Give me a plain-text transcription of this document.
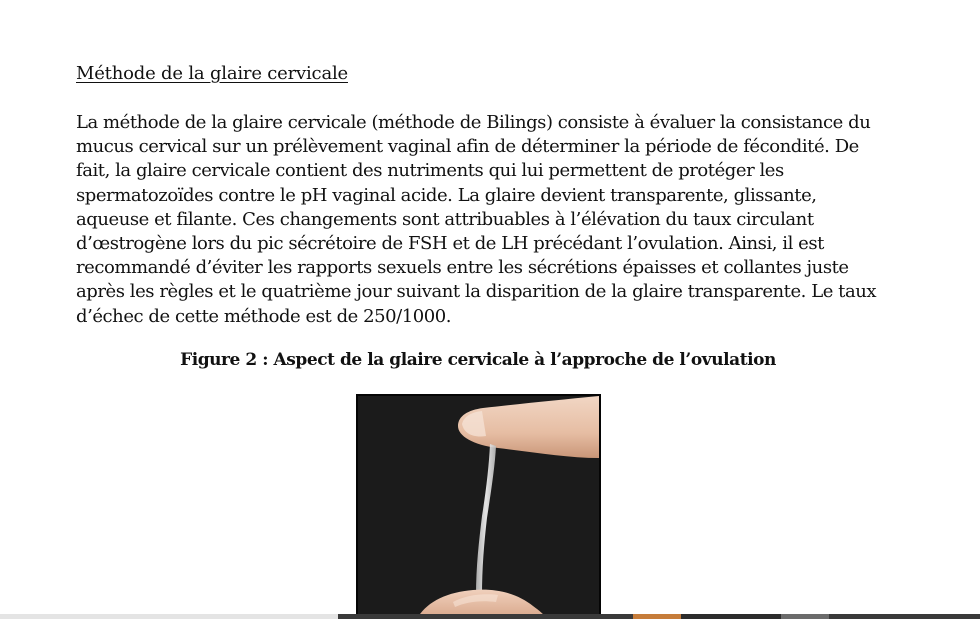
Méthode de la glaire cervicale
La méthode de la glaire cervicale (méthode de Bilings) consiste à évaluer la consistance du
mucus cervical sur un prélèvement vaginal afin de déterminer la période de fécondité. De
fait, la glaire cervicale contient des nutriments qui lui permettent de protéger les
spermatozoïdes contre le pH vaginal acide. La glaire devient transparente, glissante,
aqueuse et filante. Ces changements sont attribuables à l’élévation du taux circulant
d’œstrogène lors du pic sécrétoire de FSH et de LH précédant l’ovulation. Ainsi, il est
recommandé d’éviter les rapports sexuels entre les sécrétions épaisses et collantes juste
après les règles et le quatrième jour suivant la disparition de la glaire transparente. Le taux
d’échec de cette méthode est de 250/1000.
Figure 2 : Aspect de la glaire cervicale à l’approche de l’ovulation
